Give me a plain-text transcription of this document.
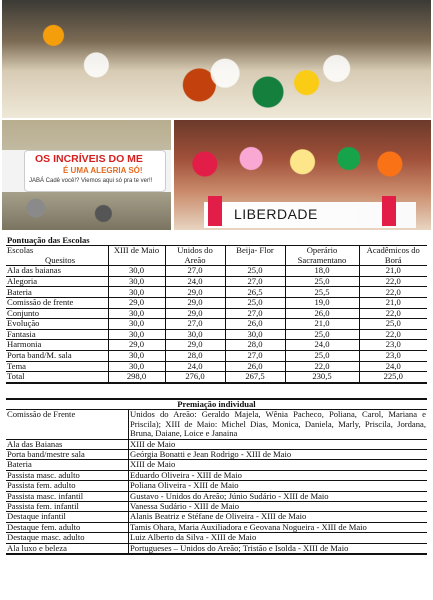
OS INCRÍVEIS DO ME
É UMA ALEGRIA SÓ!
JABÁ Cadê você!? Viemos aqui só pra te ver!!
LIBERDADE
Pontuação das Escolas					

Escolas
Quesitos	XIII de Maio	Unidos do Areão	Beija- Flor	Operário Sacramentano	Acadêmicos do Borá
Ala das baianas	30,0	27,0	25,0	18,0	21,0
Alegoria	30,0	24,0	27,0	25,0	22,0
Bateria	30,0	29,0	26,5	25,5	22,0
Comissão de frente	29,0	29,0	25,0	19,0	21,0
Conjunto	30,0	29,0	27,0	26,0	22,0
Evolução	30,0	27,0	26,0	21,0	25,0
Fantasia	30,0	30,0	30,0	25,0	22,0
Harmonia	29,0	29,0	28,0	24,0	23,0
Porta band/M. sala	30,0	28,0	27,0	25,0	23,0
Tema	30,0	24,0	26,0	22,0	24,0
Total	298,0	276,0	267,5	230,5	225,0
Premiação individual	
Comissão de Frente	Unidos do Areão: Geraldo Majela, Wênia Pacheco, Poliana, Carol, Mariana e Priscila); XIII de Maio: Michel Dias, Monica, Daniela, Marly, Priscila, Jordana, Bruna, Daiane, Loice e Janaina
Ala das Baianas	XIII de Maio
Porta band/mestre sala	Geórgia Bonatti e Jean Rodrigo - XIII de Maio
Bateria	XIII de Maio
Passista masc. adulto	Eduardo Oliveira - XIII de Maio
Passista fem. adulto	Poliana Oliveira - XIII de Maio
Passista masc. infantil	Gustavo - Unidos do Areão; Júnio Sudário - XIII de Maio
Passista fem. infantil	Vanessa Sudário - XIII de Maio
Destaque infantil	Alanis Beatriz e Stéfane de Oliveira - XIII de Maio
Destaque fem. adulto	Tamis Ohara, Maria Auxiliadora e Geovana Nogueira - XIII de Maio
Destaque masc. adulto	Luiz Alberto da Silva - XIII de Maio
Ala luxo e beleza	Portugueses – Unidos do Areão; Tristão e Isolda - XIII de Maio
